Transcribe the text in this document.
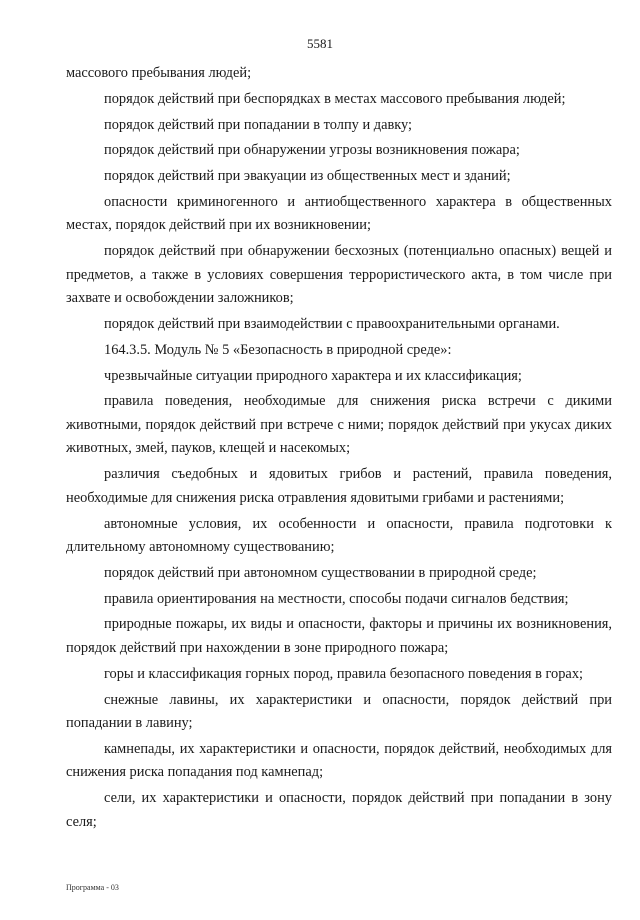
5581

массового пребывания людей;

порядок действий при беспорядках в местах массового пребывания людей;

порядок действий при попадании в толпу и давку;

порядок действий при обнаружении угрозы возникновения пожара;

порядок действий при эвакуации из общественных мест и зданий;

опасности криминогенного и антиобщественного характера в общественных местах, порядок действий при их возникновении;

порядок действий при обнаружении бесхозных (потенциально опасных) вещей и предметов, а также в условиях совершения террористического акта, в том числе при захвате и освобождении заложников;

порядок действий при взаимодействии с правоохранительными органами.

164.3.5. Модуль № 5 «Безопасность в природной среде»:

чрезвычайные ситуации природного характера и их классификация;

правила поведения, необходимые для снижения риска встречи с дикими животными, порядок действий при встрече с ними; порядок действий при укусах диких животных, змей, пауков, клещей и насекомых;

различия съедобных и ядовитых грибов и растений, правила поведения, необходимые для снижения риска отравления ядовитыми грибами и растениями;

автономные условия, их особенности и опасности, правила подготовки к длительному автономному существованию;

порядок действий при автономном существовании в природной среде;

правила ориентирования на местности, способы подачи сигналов бедствия;

природные пожары, их виды и опасности, факторы и причины их возникновения, порядок действий при нахождении в зоне природного пожара;

горы и классификация горных пород, правила безопасного поведения в горах;

снежные лавины, их характеристики и опасности, порядок действий при попадании в лавину;

камнепады, их характеристики и опасности, порядок действий, необходимых для снижения риска попадания под камнепад;

сели, их характеристики и опасности, порядок действий при попадании в зону селя;

Программа - 03
